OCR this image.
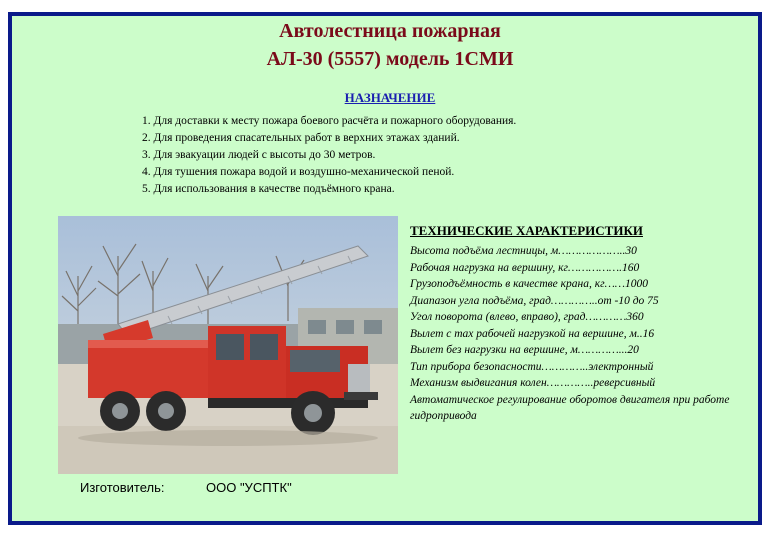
Автолестница пожарная
АЛ-30 (5557) модель 1СМИ
НАЗНАЧЕНИЕ
1. Для доставки к месту пожара боевого расчёта и пожарного оборудования.
2. Для проведения спасательных работ в верхних этажах зданий.
3. Для эвакуации людей с высоты до 30 метров.
4. Для тушения пожара водой и воздушно-механической пеной.
5. Для использования в качестве подъёмного крана.
ТЕХНИЧЕСКИЕ ХАРАКТЕРИСТИКИ
Высота подъёма лестницы, м………………..30
Рабочая нагрузка на вершину, кг…………….160
Грузоподъёмность в качестве крана, кг……1000
Диапазон угла подъёма, град…………..от -10 до 75
Угол поворота (влево, вправо), град…………360
Вылет с max рабочей нагрузкой на вершине, м..16
Вылет без нагрузки на вершине, м…………...20
Тип прибора безопасности…………..электронный
Механизм выдвигания колен…………..реверсивный
Автоматическое регулирование оборотов двигателя при работе гидропривода
Изготовитель:	ООО "УСПТК"
